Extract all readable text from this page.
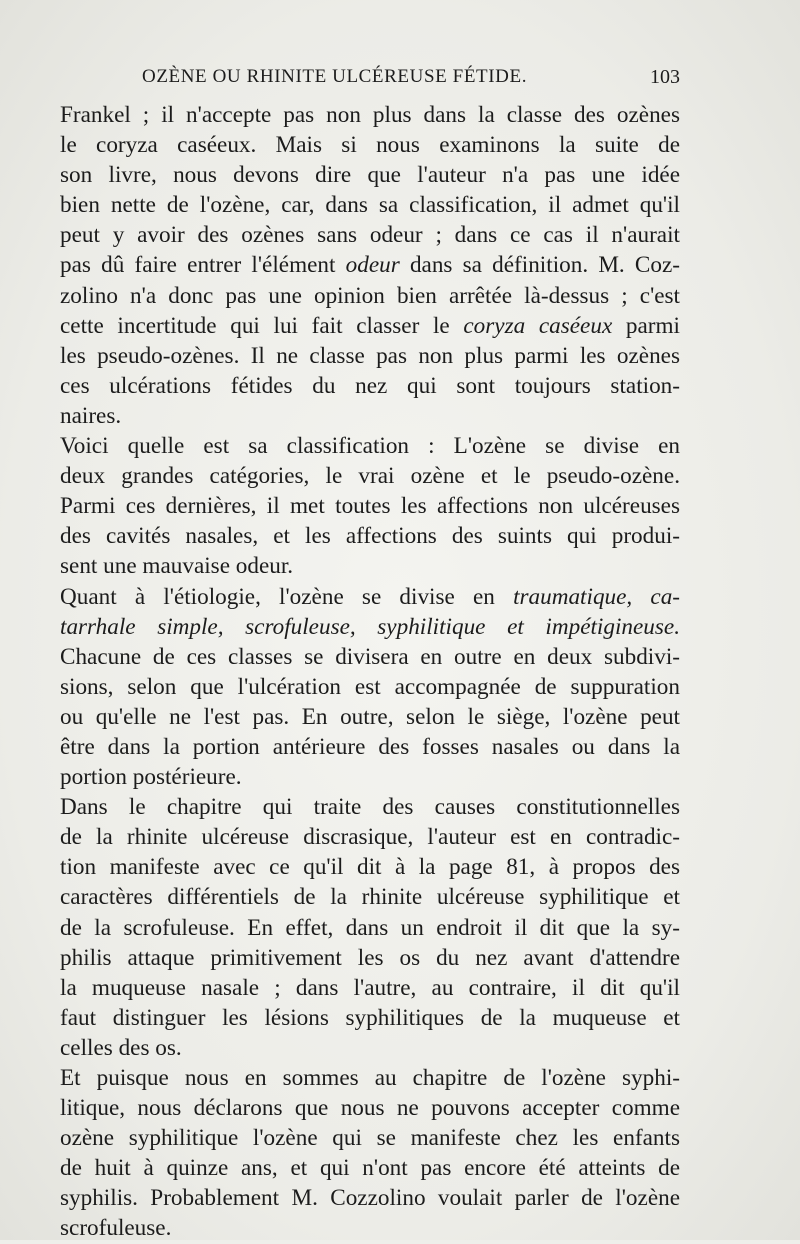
OZÈNE OU RHINITE ULCÉREUSE FÉTIDE.	103
Frankel ; il n'accepte pas non plus dans la classe des ozènes
le coryza caséeux. Mais si nous examinons la suite de
son livre, nous devons dire que l'auteur n'a pas une idée
bien nette de l'ozène, car, dans sa classification, il admet qu'il
peut y avoir des ozènes sans odeur ; dans ce cas il n'aurait
pas dû faire entrer l'élément odeur dans sa définition. M. Coz-
zolino n'a donc pas une opinion bien arrêtée là-dessus ; c'est
cette incertitude qui lui fait classer le coryza caséeux parmi
les pseudo-ozènes. Il ne classe pas non plus parmi les ozènes
ces ulcérations fétides du nez qui sont toujours station-
naires.
Voici quelle est sa classification : L'ozène se divise en
deux grandes catégories, le vrai ozène et le pseudo-ozène.
Parmi ces dernières, il met toutes les affections non ulcéreuses
des cavités nasales, et les affections des suints qui produi-
sent une mauvaise odeur.
Quant à l'étiologie, l'ozène se divise en traumatique, ca-
tarrhale simple, scrofuleuse, syphilitique et impétigineuse.
Chacune de ces classes se divisera en outre en deux subdivi-
sions, selon que l'ulcération est accompagnée de suppuration
ou qu'elle ne l'est pas. En outre, selon le siège, l'ozène peut
être dans la portion antérieure des fosses nasales ou dans la
portion postérieure.
Dans le chapitre qui traite des causes constitutionnelles
de la rhinite ulcéreuse discrasique, l'auteur est en contradic-
tion manifeste avec ce qu'il dit à la page 81, à propos des
caractères différentiels de la rhinite ulcéreuse syphilitique et
de la scrofuleuse. En effet, dans un endroit il dit que la sy-
philis attaque primitivement les os du nez avant d'attendre
la muqueuse nasale ; dans l'autre, au contraire, il dit qu'il
faut distinguer les lésions syphilitiques de la muqueuse et
celles des os.
Et puisque nous en sommes au chapitre de l'ozène syphi-
litique, nous déclarons que nous ne pouvons accepter comme
ozène syphilitique l'ozène qui se manifeste chez les enfants
de huit à quinze ans, et qui n'ont pas encore été atteints de
syphilis. Probablement M. Cozzolino voulait parler de l'ozène
scrofuleuse.
